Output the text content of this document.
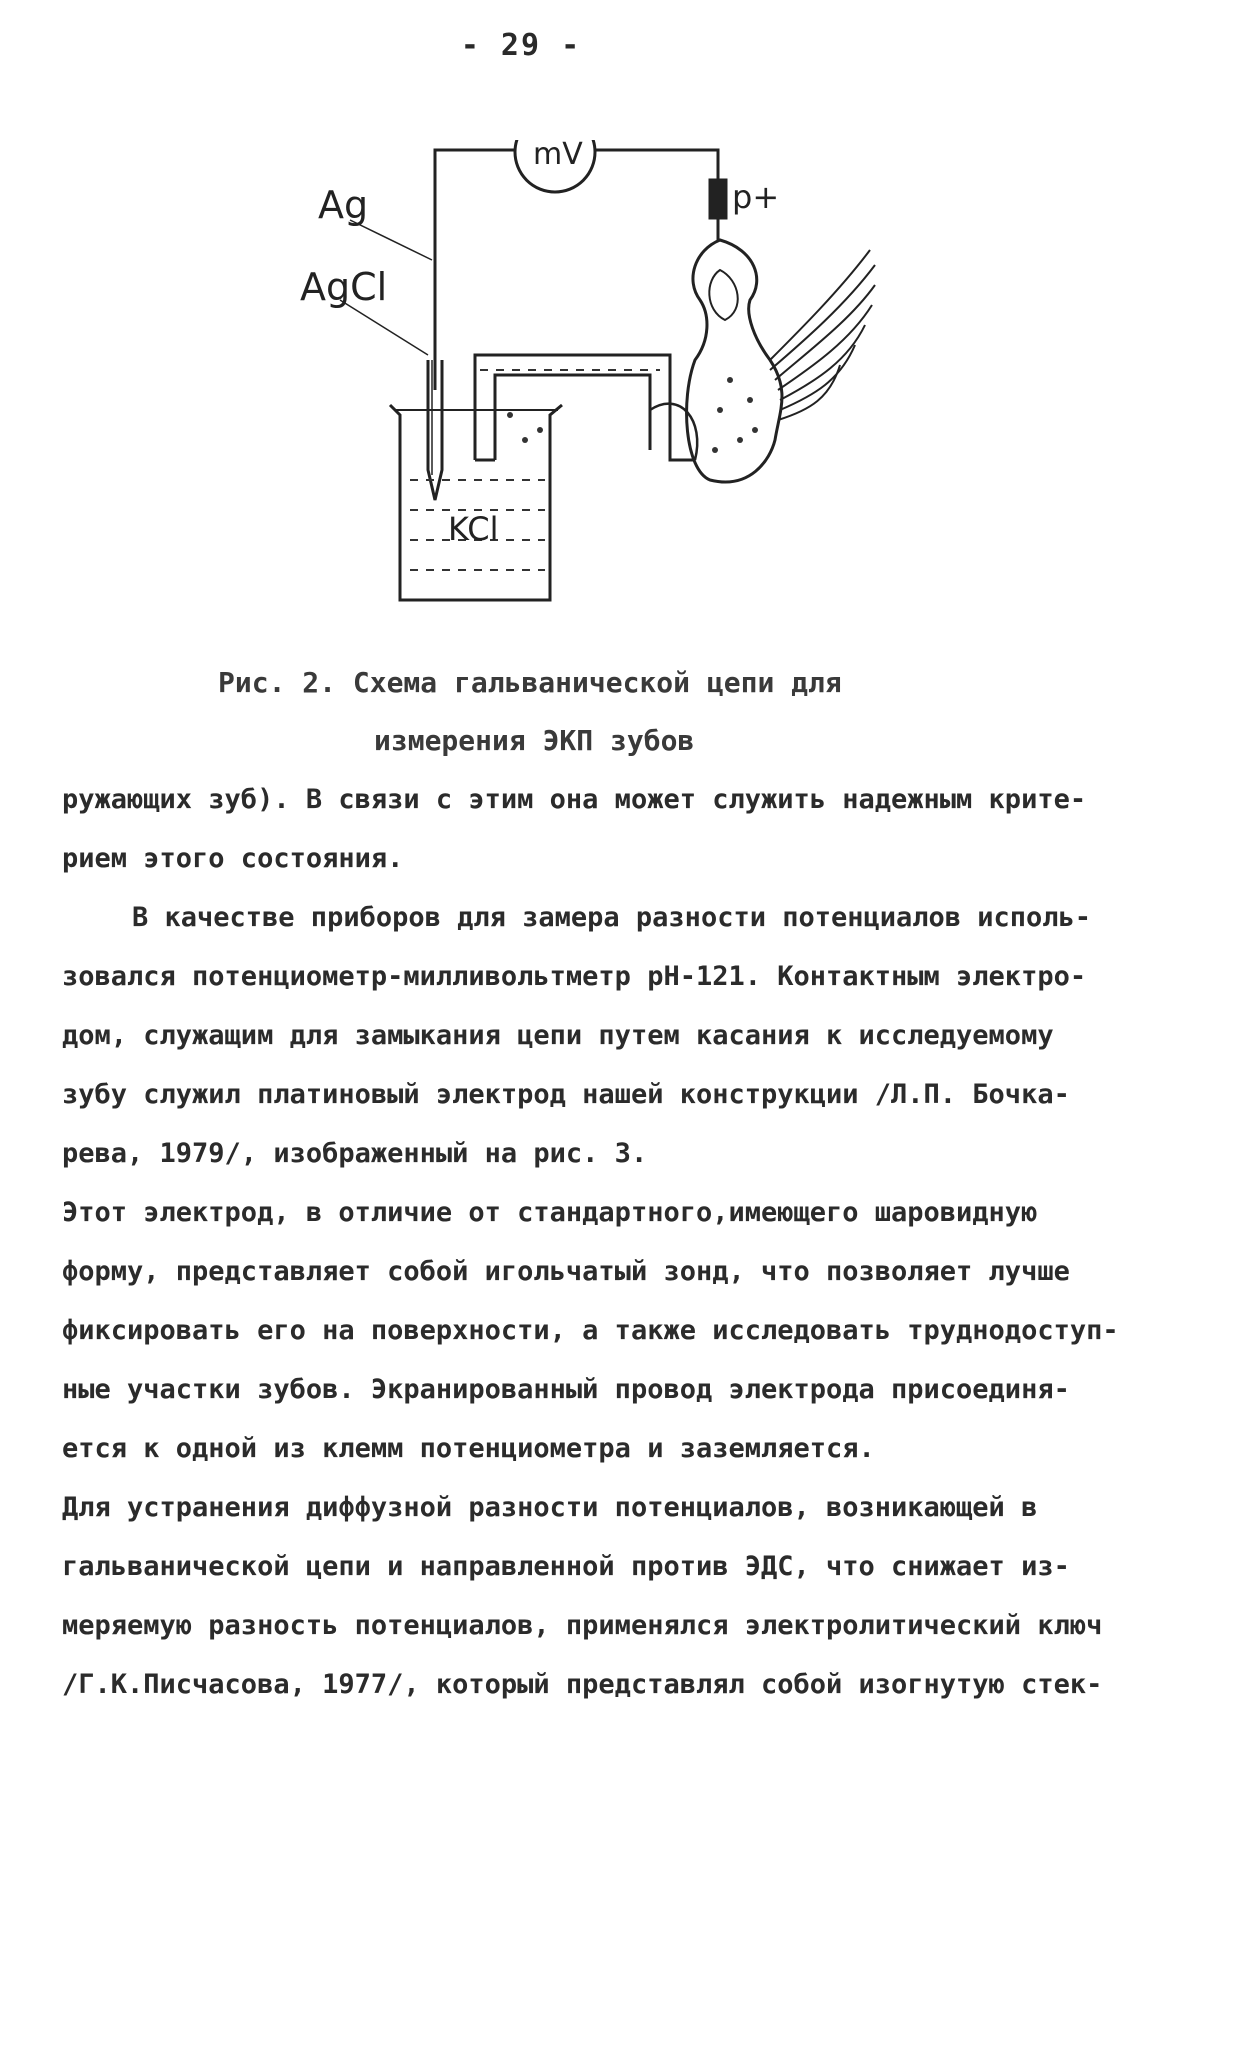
- 29 -
mV
Ag
AgCl
KCl
p+
Рис. 2. Схема гальванической цепи для
измерения ЭКП зубов
ружающих зуб). В связи с этим она может служить надежным крите-
рием этого состояния.
В качестве приборов для замера разности потенциалов исполь-
зовался потенциометр-милливольтметр pH-121. Контактным электро-
дом, служащим для замыкания цепи путем касания к исследуемому
зубу служил платиновый электрод нашей конструкции /Л.П. Бочка-
рева, 1979/, изображенный на рис. 3.
Этот электрод, в отличие от стандартного,имеющего шаровидную
форму, представляет собой игольчатый зонд, что позволяет лучше
фиксировать его на поверхности, а также исследовать труднодоступ-
ные участки зубов. Экранированный провод электрода присоединя-
ется к одной из клемм потенциометра и заземляется.
Для устранения диффузной разности потенциалов, возникающей в
гальванической цепи и направленной против ЭДС, что снижает из-
меряемую разность потенциалов, применялся электролитический ключ
/Г.К.Писчасова, 1977/, который представлял собой изогнутую стек-
